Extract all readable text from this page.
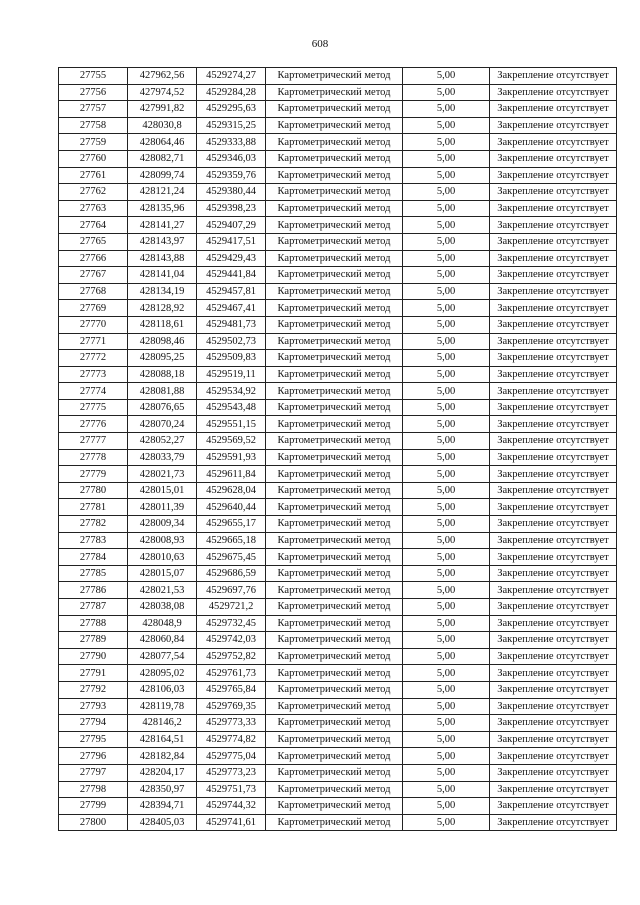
608
27755	427962,56	4529274,27	Картометрический метод	5,00	Закрепление отсутствует
27756	427974,52	4529284,28	Картометрический метод	5,00	Закрепление отсутствует
27757	427991,82	4529295,63	Картометрический метод	5,00	Закрепление отсутствует
27758	428030,8	4529315,25	Картометрический метод	5,00	Закрепление отсутствует
27759	428064,46	4529333,88	Картометрический метод	5,00	Закрепление отсутствует
27760	428082,71	4529346,03	Картометрический метод	5,00	Закрепление отсутствует
27761	428099,74	4529359,76	Картометрический метод	5,00	Закрепление отсутствует
27762	428121,24	4529380,44	Картометрический метод	5,00	Закрепление отсутствует
27763	428135,96	4529398,23	Картометрический метод	5,00	Закрепление отсутствует
27764	428141,27	4529407,29	Картометрический метод	5,00	Закрепление отсутствует
27765	428143,97	4529417,51	Картометрический метод	5,00	Закрепление отсутствует
27766	428143,88	4529429,43	Картометрический метод	5,00	Закрепление отсутствует
27767	428141,04	4529441,84	Картометрический метод	5,00	Закрепление отсутствует
27768	428134,19	4529457,81	Картометрический метод	5,00	Закрепление отсутствует
27769	428128,92	4529467,41	Картометрический метод	5,00	Закрепление отсутствует
27770	428118,61	4529481,73	Картометрический метод	5,00	Закрепление отсутствует
27771	428098,46	4529502,73	Картометрический метод	5,00	Закрепление отсутствует
27772	428095,25	4529509,83	Картометрический метод	5,00	Закрепление отсутствует
27773	428088,18	4529519,11	Картометрический метод	5,00	Закрепление отсутствует
27774	428081,88	4529534,92	Картометрический метод	5,00	Закрепление отсутствует
27775	428076,65	4529543,48	Картометрический метод	5,00	Закрепление отсутствует
27776	428070,24	4529551,15	Картометрический метод	5,00	Закрепление отсутствует
27777	428052,27	4529569,52	Картометрический метод	5,00	Закрепление отсутствует
27778	428033,79	4529591,93	Картометрический метод	5,00	Закрепление отсутствует
27779	428021,73	4529611,84	Картометрический метод	5,00	Закрепление отсутствует
27780	428015,01	4529628,04	Картометрический метод	5,00	Закрепление отсутствует
27781	428011,39	4529640,44	Картометрический метод	5,00	Закрепление отсутствует
27782	428009,34	4529655,17	Картометрический метод	5,00	Закрепление отсутствует
27783	428008,93	4529665,18	Картометрический метод	5,00	Закрепление отсутствует
27784	428010,63	4529675,45	Картометрический метод	5,00	Закрепление отсутствует
27785	428015,07	4529686,59	Картометрический метод	5,00	Закрепление отсутствует
27786	428021,53	4529697,76	Картометрический метод	5,00	Закрепление отсутствует
27787	428038,08	4529721,2	Картометрический метод	5,00	Закрепление отсутствует
27788	428048,9	4529732,45	Картометрический метод	5,00	Закрепление отсутствует
27789	428060,84	4529742,03	Картометрический метод	5,00	Закрепление отсутствует
27790	428077,54	4529752,82	Картометрический метод	5,00	Закрепление отсутствует
27791	428095,02	4529761,73	Картометрический метод	5,00	Закрепление отсутствует
27792	428106,03	4529765,84	Картометрический метод	5,00	Закрепление отсутствует
27793	428119,78	4529769,35	Картометрический метод	5,00	Закрепление отсутствует
27794	428146,2	4529773,33	Картометрический метод	5,00	Закрепление отсутствует
27795	428164,51	4529774,82	Картометрический метод	5,00	Закрепление отсутствует
27796	428182,84	4529775,04	Картометрический метод	5,00	Закрепление отсутствует
27797	428204,17	4529773,23	Картометрический метод	5,00	Закрепление отсутствует
27798	428350,97	4529751,73	Картометрический метод	5,00	Закрепление отсутствует
27799	428394,71	4529744,32	Картометрический метод	5,00	Закрепление отсутствует
27800	428405,03	4529741,61	Картометрический метод	5,00	Закрепление отсутствует
